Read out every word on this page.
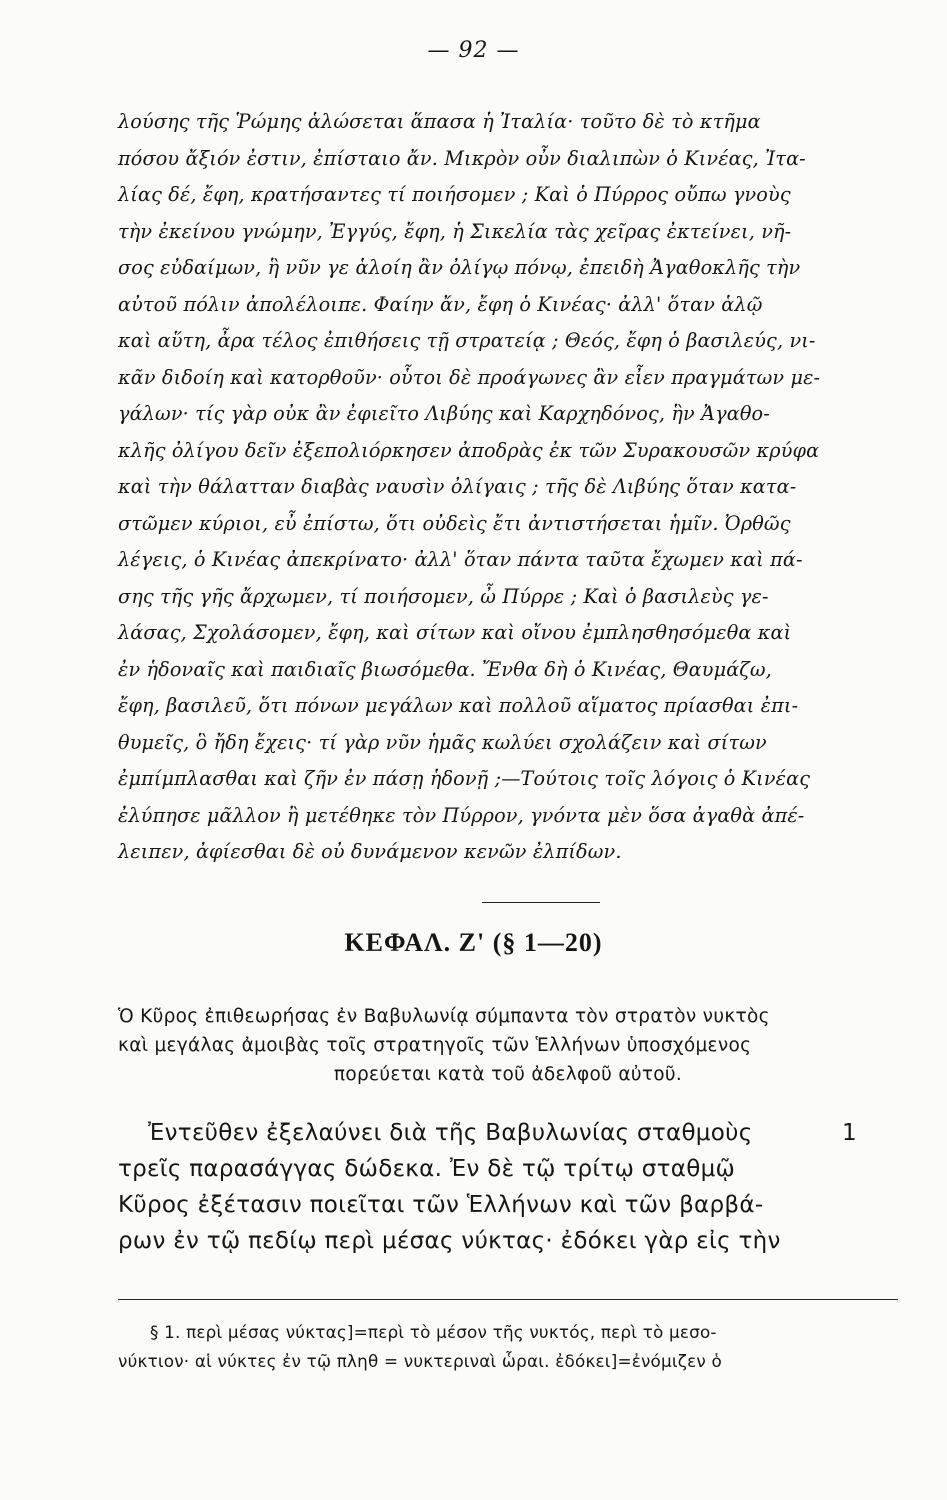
— 92 —
λούσης τῆς Ῥώμης ἁλώσεται ἅπασα ἡ Ἰταλία· τοῦτο δὲ τὸ κτῆμα
πόσου ἄξιόν ἐστιν, ἐπίσταιο ἄν. Μικρὸν οὖν διαλιπὼν ὁ Κινέας, Ἰτα-
λίας δέ, ἔφη, κρατήσαντες τί ποιήσομεν ; Καὶ ὁ Πύρρος οὔπω γνοὺς
τὴν ἐκείνου γνώμην, Ἐγγύς, ἔφη, ἡ Σικελία τὰς χεῖρας ἐκτείνει, νῆ-
σος εὐδαίμων, ἣ νῦν γε ἁλοίη ἂν ὀλίγῳ πόνῳ, ἐπειδὴ Ἀγαθοκλῆς τὴν
αὐτοῦ πόλιν ἀπολέλοιπε. Φαίην ἄν, ἔφη ὁ Κινέας· ἀλλ' ὅταν ἁλῷ
καὶ αὕτη, ἆρα τέλος ἐπιθήσεις τῇ στρατείᾳ ; Θεός, ἔφη ὁ βασιλεύς, νι-
κᾶν διδοίη καὶ κατορθοῦν· οὗτοι δὲ προάγωνες ἂν εἶεν πραγμάτων με-
γάλων· τίς γὰρ οὐκ ἂν ἐφιεῖτο Λιβύης καὶ Καρχηδόνος, ἣν Ἀγαθο-
κλῆς ὀλίγου δεῖν ἐξεπολιόρκησεν ἀποδρὰς ἐκ τῶν Συρακουσῶν κρύφα
καὶ τὴν θάλατταν διαβὰς ναυσὶν ὀλίγαις ; τῆς δὲ Λιβύης ὅταν κατα-
στῶμεν κύριοι, εὖ ἐπίστω, ὅτι οὐδεὶς ἔτι ἀντιστήσεται ἡμῖν. Ὀρθῶς
λέγεις, ὁ Κινέας ἀπεκρίνατο· ἀλλ' ὅταν πάντα ταῦτα ἔχωμεν καὶ πά-
σης τῆς γῆς ἄρχωμεν, τί ποιήσομεν, ὦ Πύρρε ; Καὶ ὁ βασιλεὺς γε-
λάσας, Σχολάσομεν, ἔφη, καὶ σίτων καὶ οἴνου ἐμπλησθησόμεθα καὶ
ἐν ἡδοναῖς καὶ παιδιαῖς βιωσόμεθα. Ἔνθα δὴ ὁ Κινέας, Θαυμάζω,
ἔφη, βασιλεῦ, ὅτι πόνων μεγάλων καὶ πολλοῦ αἵματος πρίασθαι ἐπι-
θυμεῖς, ὃ ἤδη ἔχεις· τί γὰρ νῦν ἡμᾶς κωλύει σχολάζειν καὶ σίτων
ἐμπίμπλασθαι καὶ ζῆν ἐν πάσῃ ἡδονῇ ;—Τούτοις τοῖς λόγοις ὁ Κινέας
ἐλύπησε μᾶλλον ἢ μετέθηκε τὸν Πύρρον, γνόντα μὲν ὅσα ἀγαθὰ ἀπέ-
λειπεν, ἀφίεσθαι δὲ οὐ δυνάμενον κενῶν ἐλπίδων.
ΚΕΦΑΛ. Ζ' (§ 1—20)
Ὁ Κῦρος ἐπιθεωρήσας ἐν Βαβυλωνίᾳ σύμπαντα τὸν στρατὸν νυκτὸς
καὶ μεγάλας ἀμοιβὰς τοῖς στρατηγοῖς τῶν Ἑλλήνων ὑποσχόμενος
πορεύεται κατὰ τοῦ ἀδελφοῦ αὐτοῦ.
1
Ἐντεῦθεν ἐξελαύνει διὰ τῆς Βαβυλωνίας σταθμοὺς
τρεῖς παρασάγγας δώδεκα. Ἐν δὲ τῷ τρίτῳ σταθμῷ
Κῦρος ἐξέτασιν ποιεῖται τῶν Ἑλλήνων καὶ τῶν βαρβά-
ρων ἐν τῷ πεδίῳ περὶ μέσας νύκτας· ἐδόκει γὰρ εἰς τὴν
§ 1. περὶ μέσας νύκτας]=περὶ τὸ μέσον τῆς νυκτός, περὶ τὸ μεσο-
νύκτιον· αἱ νύκτες ἐν τῷ πληθ = νυκτεριναὶ ὧραι. ἐδόκει]=ἐνόμιζεν ὁ
